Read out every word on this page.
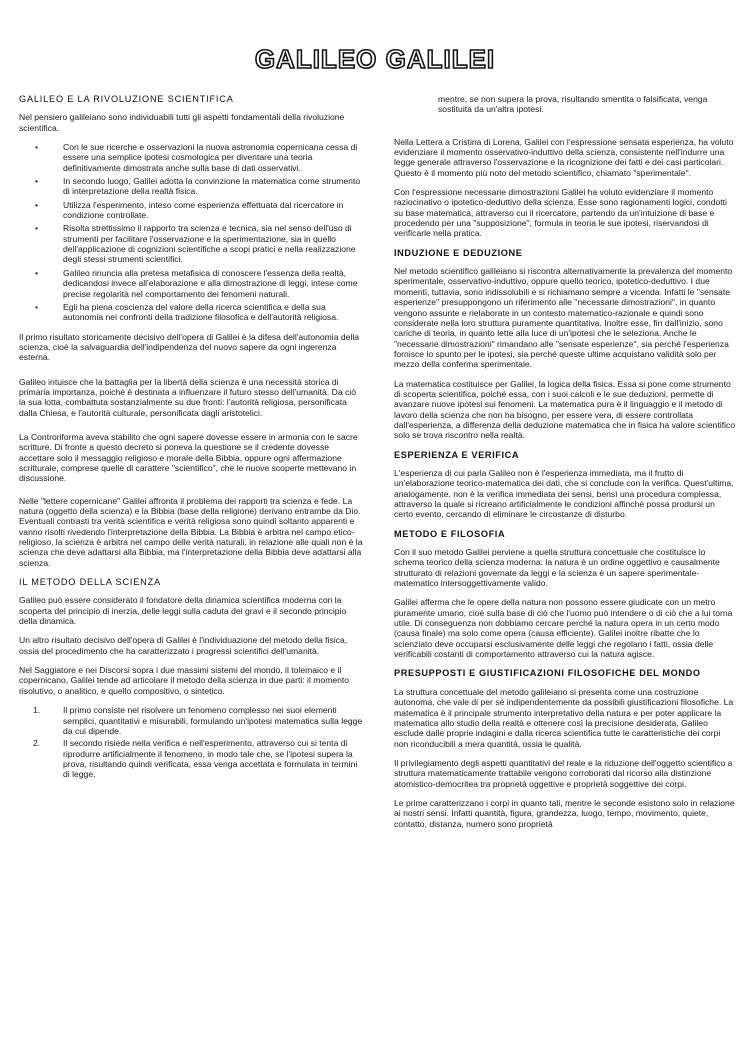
GALILEO GALILEI
GALILEO E LA RIVOLUZIONE SCIENTIFICA

Nel pensiero galileiano sono individuabili tutti gli aspetti fondamentali della rivoluzione scientifica.

• Con le sue ricerche e osservazioni la nuova astronomia copernicana cessa di essere una semplice ipotesi cosmologica per diventare una teoria definitivamente dimostrata anche sulla base di dati osservativi.
• In secondo luogo, Galilei adotta la convinzione la matematica come strumento di interpretazione della realtà fisica.
• Utilizza l'esperimento, inteso come esperienza effettuata dal ricercatore in condizione controllate.
• Risolta strettissimo il rapporto tra scienza e tecnica, sia nel senso dell'uso di strumenti per facilitare l'osservazione e la sperimentazione, sia in quello dell'applicazione di cognizioni scientifiche a scopi pratici e nella realizzazione degli stessi strumenti scientifici.
• Galileo rinuncia alla pretesa metafisica di conoscere l'essenza della realtà, dedicandosi invece all'elaborazione e alla dimostrazione di leggi, intese come precise regolarità nel comportamento dei fenomeni naturali.
• Egli ha piena coscienza del valore della ricerca scientifica e della sua autonomia nei confronti della tradizione filosofica e dell'autorità religiosa.

Il primo risultato storicamente decisivo dell'opera di Galilei è la difesa dell'autonomia della scienza, cioè la salvaguardia dell'indipendenza del nuovo sapere da ogni ingerenza esterna.

Galileo intuisce che la battaglia per la libertà della scienza è una necessità storica di primaria importanza, poiché è destinata a influenzare il futuro stesso dell'umanità. Da ciò la sua lotta, combattuta sostanzialmente su due fronti: l'autorità religiosa, personificata dalla Chiesa, e l'autorità culturale, personificata dagli aristotelici.

La Controriforma aveva stabilito che ogni sapere dovesse essere in armonia con le sacre scritture. Di fronte a questo decreto si poneva la questione se il credente dovesse accettare solo il messaggio religioso e morale della Bibbia, oppure ogni affermazione scritturale, comprese quelle di carattere "scientifico", che le nuove scoperte mettevano in discussione.

Nelle "lettere copernicane" Galilei affronta il problema dei rapporti tra scienza e fede. La natura (oggetto della scienza) e la Bibbia (base della religione) derivano entrambe da Dio. Eventuali contrasti tra verità scientifica e verità religiosa sono quindi soltanto apparenti e vanno risolti rivedendo l'interpretazione della Bibbia. La Bibbia è arbitra nel campo etico-religioso, la scienza è arbitra nel campo delle verità naturali, in relazione alle quali non è la scienza che deve adattarsi alla Bibbia, ma l'interpretazione della Bibbia deve adattarsi alla scienza.

IL METODO DELLA SCIENZA

Galileo può essere considerato il fondatore della dinamica scientifica moderna con la scoperta del principio di inerzia, delle leggi sulla caduta dei gravi e il secondo principio della dinamica.

Un altro risultato decisivo dell'opera di Galilei è l'individuazione del metodo della fisica, ossia del procedimento che ha caratterizzato i progressi scientifici dell'umanità.

Nel Saggiatore e nei Discorsi sopra i due massimi sistemi del mondo, il tolemaico e il copernicano, Galilei tende ad articolare il metodo della scienza in due parti: il momento risolutivo, o analitico, e quello compositivo, o sintetico.

1.	Il primo consiste nel risolvere un fenomeno complesso nei suoi elementi semplici, quantitativi e misurabili, formulando un'ipotesi matematica sulla legge da cui dipende.
2.	Il secondo risiede nella verifica e nell'esperimento, attraverso cui si tenta di riprodurre artificialmente il fenomeno, in modo tale che, se l'ipotesi supera la prova, risultando quindi verificata, essa venga accettata e formulata in termini di legge,

mentre, se non supera la prova, risultando smentita o falsificata, venga sostituita da un'altra ipotesi.

Nella Lettera a Cristina di Lorena, Galilei con l'espressione sensata esperienza, ha voluto evidenziare il momento osservativo-induttivo della scienza, consistente nell'indurre una legge generale attraverso l'osservazione e la ricognizione dei fatti e dei casi particolari. Questo è il momento più noto del metodo scientifico, chiamato "sperimentale".

Con l'espressione necessarie dimostrazioni Galilei ha voluto evidenziare il momento raziocinativo o ipotetico-deduttivo della scienza. Esse sono ragionamenti logici, condotti su base matematica, attraverso cui il ricercatore, partendo da un'intuizione di base e procedendo per una "supposizione", formula in teoria le sue ipotesi, riservandosi di verificarle nella pratica.

INDUZIONE E DEDUZIONE

Nel metodo scientifico galileiano si riscontra alternativamente la prevalenza del momento sperimentale, osservativo-induttivo, oppure quello teorico, ipotetico-deduttivo. I due momenti, tuttavia, sono indissolubili e si richiamano sempre a vicenda. Infatti le "sensate esperienze" presuppongono un riferimento alle "necessarie dimostrazioni", in quanto vengono assunte e rielaborate in un contesto matematico-razionale e quindi sono considerate nella loro struttura puramente quantitativa. Inoltre esse, fin dall'inizio, sono cariche di teoria, in quanto lette alla luce di un'ipotesi che le seleziona. Anche le "necessarie dimostrazioni" rimandano alle "sensate esperienze", sia perché l'esperienza fornisce lo spunto per le ipotesi, sia perché queste ultime acquistano validità solo per mezzo della conferma sperimentale.

La matematica costituisce per Galilei, la logica della fisica. Essa si pone come strumento di scoperta scientifica, poiché essa, con i suoi calcoli e le sue deduzioni, permette di avanzare nuove ipotesi sui fenomeni. La matematica pura è il linguaggio e il metodo di lavoro della scienza che non ha bisogno, per essere vera, di essere controllata dall'esperienza, a differenza della deduzione matematica che in fisica ha valore scientifico solo se trova riscontro nella realtà.

ESPERIENZA E VERIFICA

L'esperienza di cui parla Galileo non è l'esperienza immediata, ma il frutto di un'elaborazione teorico-matematica dei dati, che si conclude con la verifica. Quest'ultima, analogamente, non è la verifica immediata dei sensi, bensì una procedura complessa, attraverso la quale si ricreano artificialmente le condizioni affinché possa prodursi un certo evento, cercando di eliminare le circostanze di disturbo.

METODO E FILOSOFIA

Con il suo metodo Galilei perviene a quella struttura concettuale che costituisce lo schema teorico della scienza moderna: la natura è un ordine oggettivo e causalmente strutturato di relazioni governate da leggi e la scienza è un sapere sperimentale-matematico intersoggettivamente valido.

Galilei afferma che le opere della natura non possono essere giudicate con un metro puramente umano, cioè sulla base di ciò che l'uomo può intendere o di ciò che a lui torna utile. Di conseguenza non dobbiamo cercare perché la natura opera in un certo modo (causa finale) ma solo come opera (causa efficiente). Galilei inoltre ribatte che lo scienziato deve occuparsi esclusivamente delle leggi che regolano i fatti, ossia delle verificabili costanti di comportamento attraverso cui la natura agisce.

PRESUPPOSTI E GIUSTIFICAZIONI FILOSOFICHE DEL MONDO

La struttura concettuale del metodo galileiano si presenta come una costruzione autonoma, che vale di per sé indipendentemente da possibili giustificazioni filosofiche. La matematica è il principale strumento interpretativo della natura e per poter applicare la matematica allo studio della realtà e ottenere così la precisione desiderata, Galileo esclude dalle proprie indagini e dalla ricerca scientifica tutte le caratteristiche dei corpi non riconducibili a mera quantità, ossia le qualità.

Il privilegiamento degli aspetti quantitativi del reale e la riduzione dell'oggetto scientifico a struttura matematicamente trattabile vengono corroborati dal ricorso alla distinzione atomistico-democritea tra proprietà oggettive e proprietà soggettive dei corpi.

Le prime caratterizzano i corpi in quanto tali, mentre le seconde esistono solo in relazione ai nostri sensi. Infatti quantità, figura, grandezza, luogo, tempo, movimento, quiete, contatto, distanza, numero sono proprietà
